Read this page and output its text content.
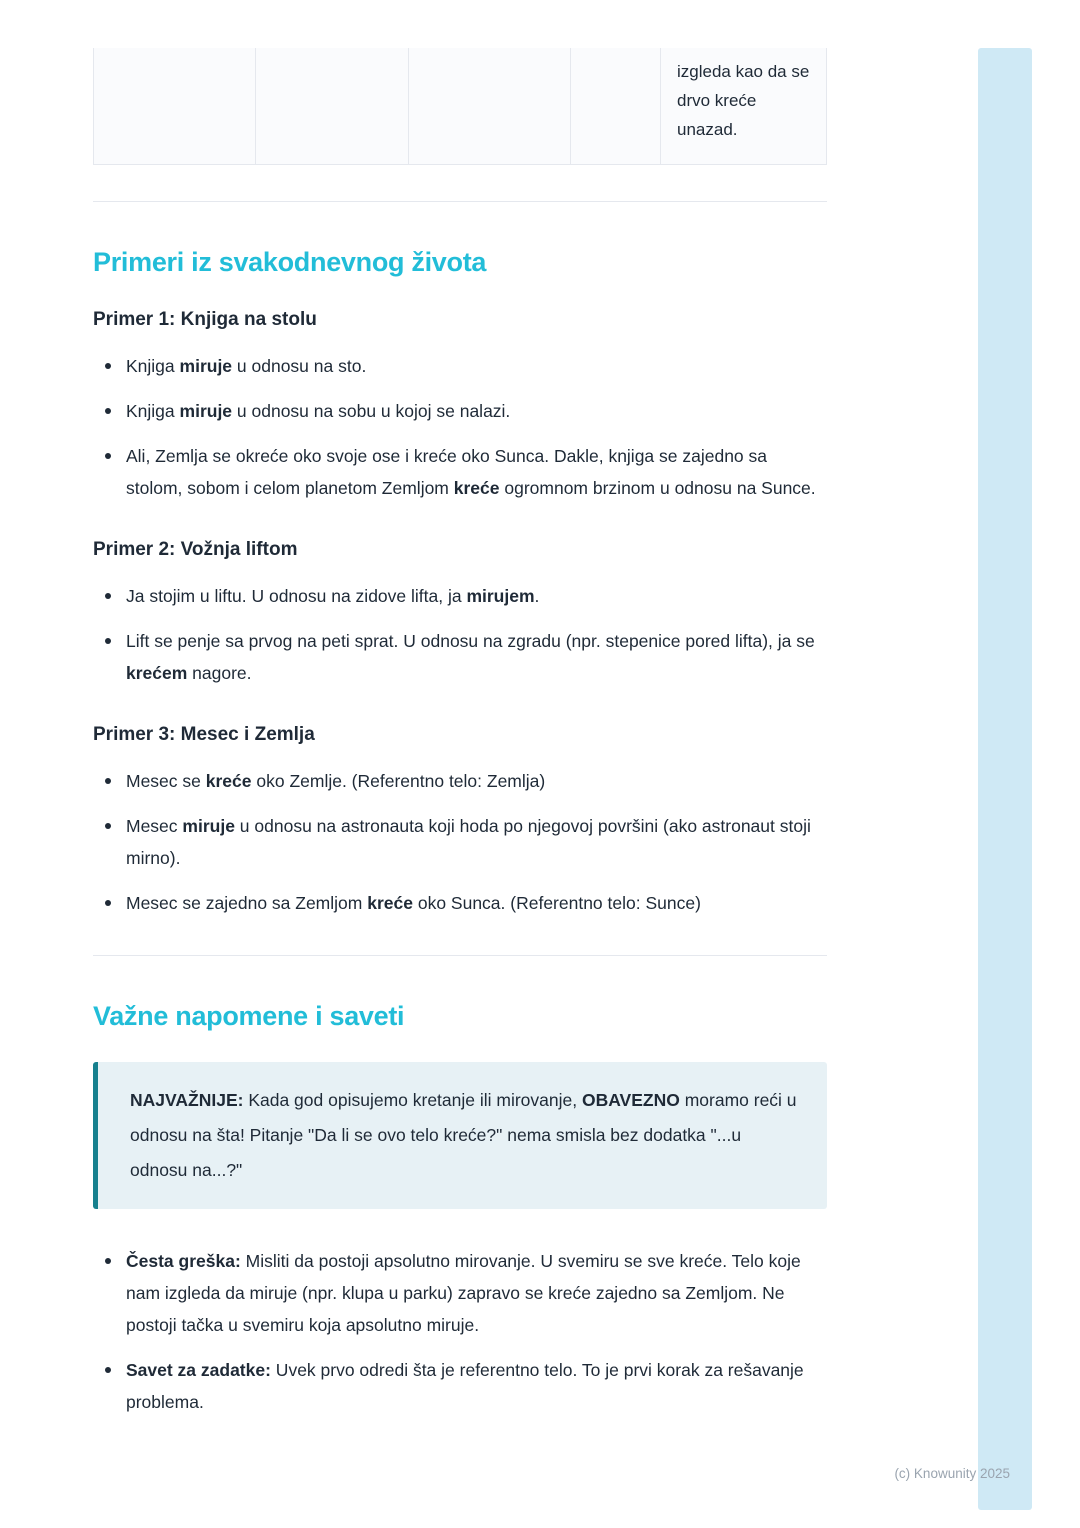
izgleda kao da se drvo kreće unazad.
Primeri iz svakodnevnog života
Primer 1: Knjiga na stolu
Knjiga miruje u odnosu na sto.
Knjiga miruje u odnosu na sobu u kojoj se nalazi.
Ali, Zemlja se okreće oko svoje ose i kreće oko Sunca. Dakle, knjiga se zajedno sa stolom, sobom i celom planetom Zemljom kreće ogromnom brzinom u odnosu na Sunce.
Primer 2: Vožnja liftom
Ja stojim u liftu. U odnosu na zidove lifta, ja mirujem.
Lift se penje sa prvog na peti sprat. U odnosu na zgradu (npr. stepenice pored lifta), ja se krećem nagore.
Primer 3: Mesec i Zemlja
Mesec se kreće oko Zemlje. (Referentno telo: Zemlja)
Mesec miruje u odnosu na astronauta koji hoda po njegovoj površini (ako astronaut stoji mirno).
Mesec se zajedno sa Zemljom kreće oko Sunca. (Referentno telo: Sunce)
Važne napomene i saveti

NAJVAŽNIJE: Kada god opisujemo kretanje ili mirovanje, OBAVEZNO moramo reći u odnosu na šta! Pitanje "Da li se ovo telo kreće?" nema smisla bez dodatka "...u odnosu na...?"

Česta greška: Misliti da postoji apsolutno mirovanje. U svemiru se sve kreće. Telo koje nam izgleda da miruje (npr. klupa u parku) zapravo se kreće zajedno sa Zemljom. Ne postoji tačka u svemiru koja apsolutno miruje.
Savet za zadatke: Uvek prvo odredi šta je referentno telo. To je prvi korak za rešavanje problema.
(c) Knowunity 2025
